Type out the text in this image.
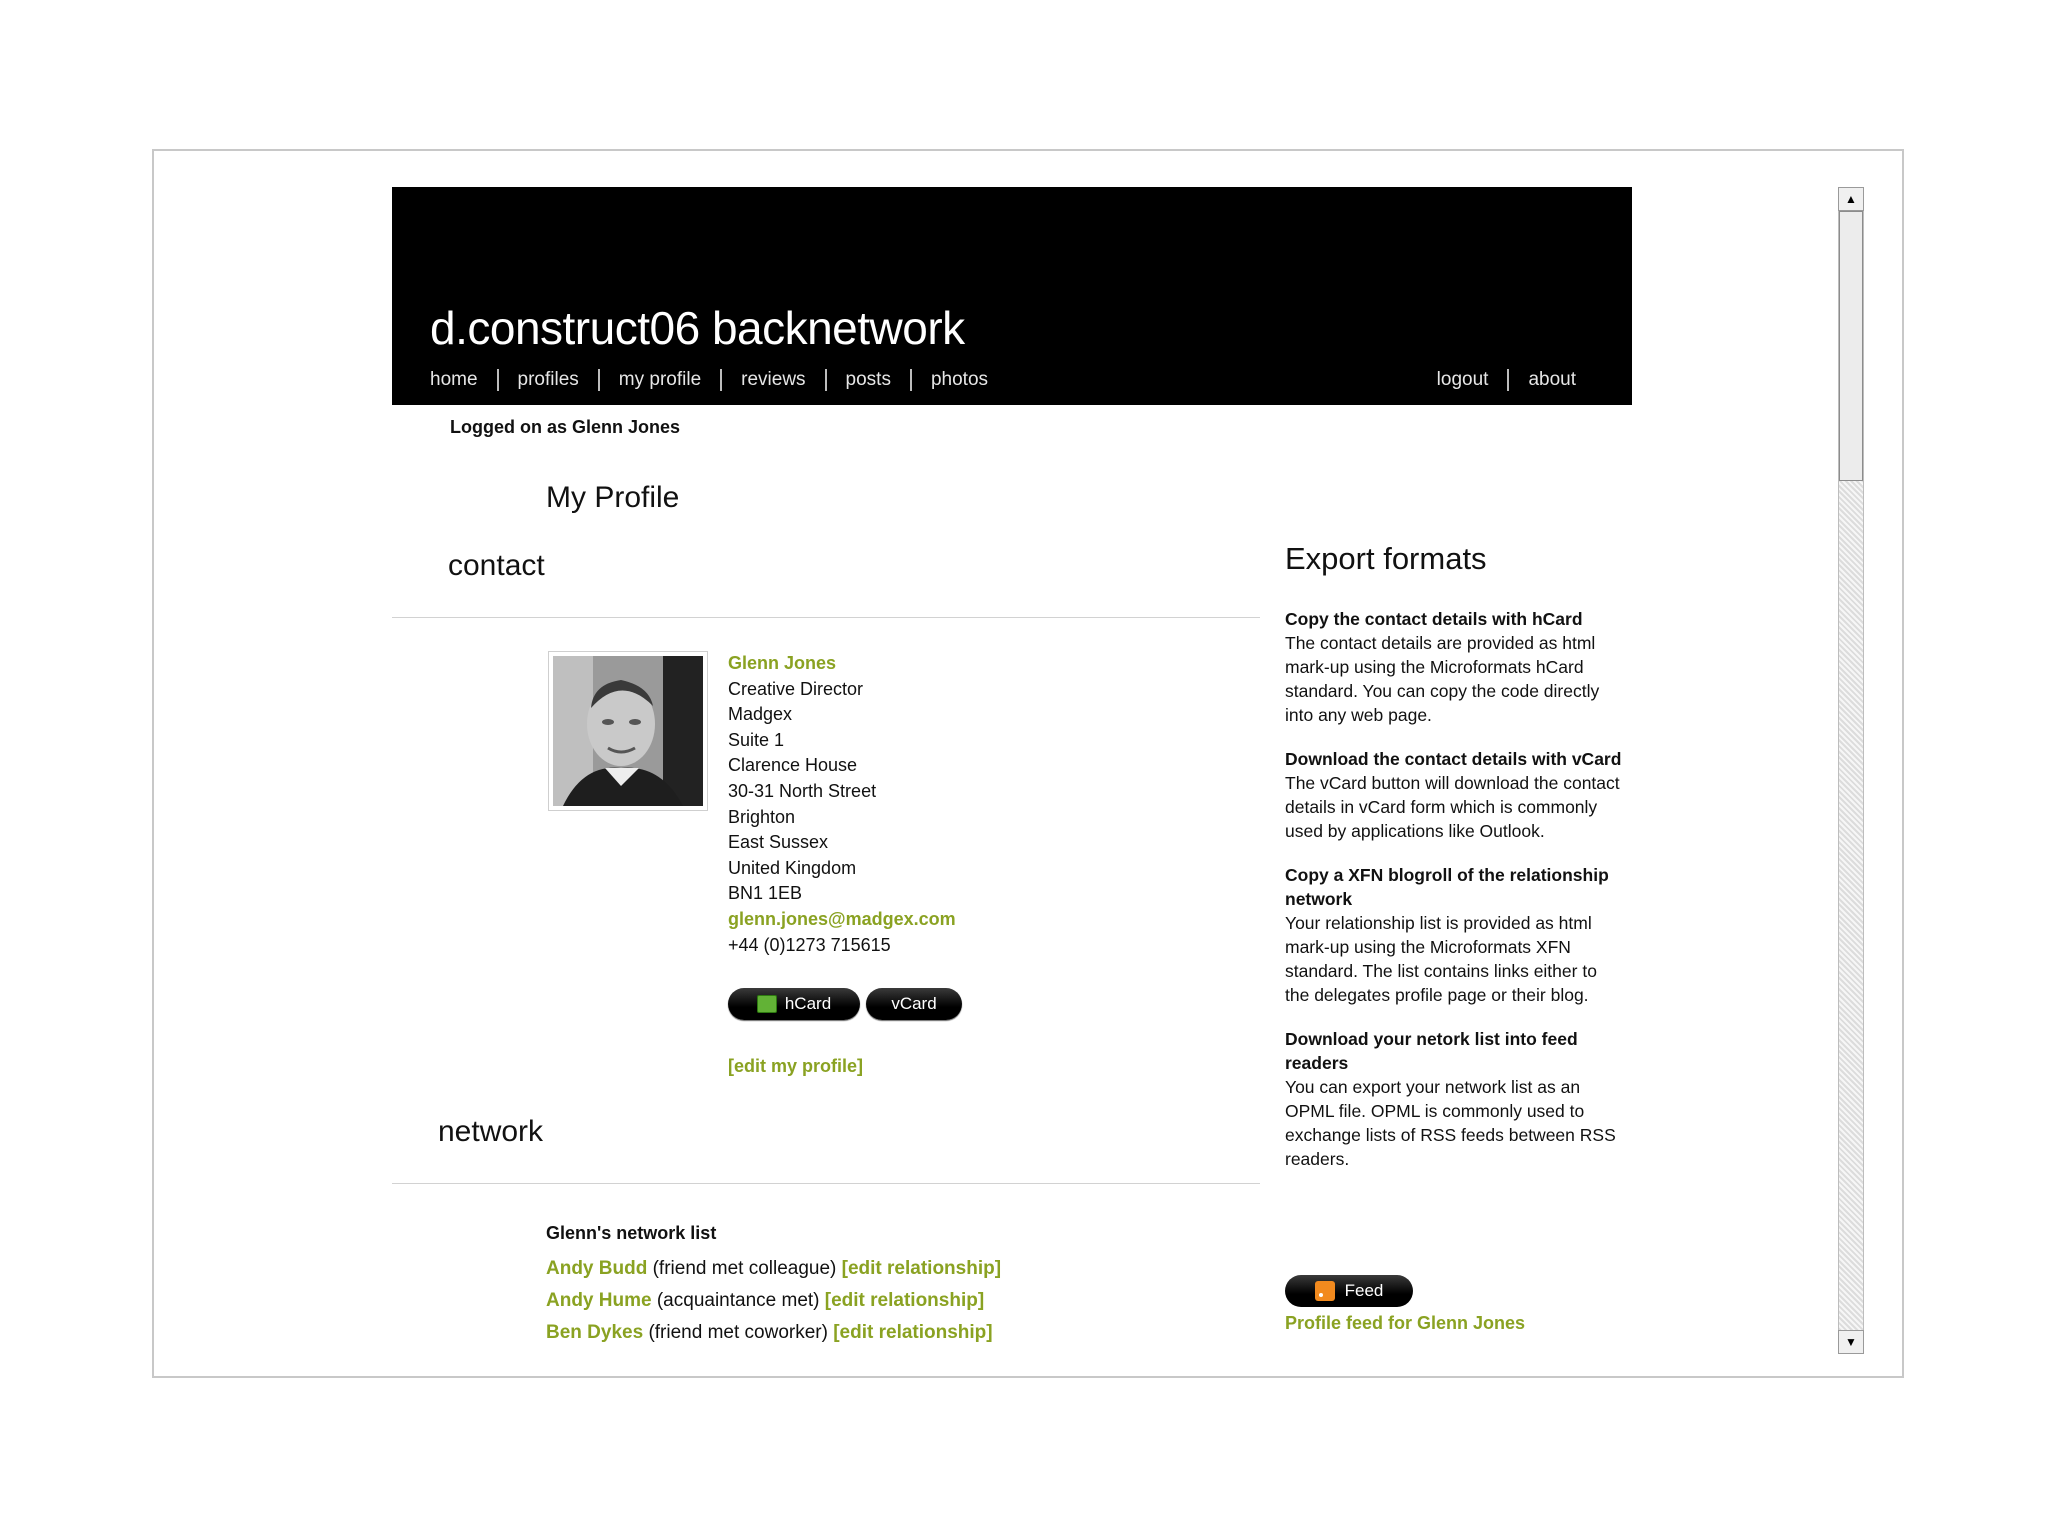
d.construct06 backnetwork
home profiles my profile reviews posts photos	logout about
Logged on as Glenn Jones
My Profile
contact
Glenn Jones
Creative Director
Madgex
Suite 1
Clarence House
30-31 North Street
Brighton
East Sussex
United Kingdom
BN1 1EB
glenn.jones@madgex.com
+44 (0)1273 715615
hCard	vCard
[edit my profile]
network
Glenn's network list
Andy Budd (friend met colleague) [edit relationship]
Andy Hume (acquaintance met) [edit relationship]
Ben Dykes (friend met coworker) [edit relationship]
Export formats
Copy the contact details with hCard
The contact details are provided as html mark-up using the Microformats hCard standard. You can copy the code directly into any web page.
Download the contact details with vCard
The vCard button will download the contact details in vCard form which is commonly used by applications like Outlook.
Copy a XFN blogroll of the relationship network
Your relationship list is provided as html mark-up using the Microformats XFN standard. The list contains links either to the delegates profile page or their blog.
Download your netork list into feed readers
You can export your network list as an OPML file. OPML is commonly used to exchange lists of RSS feeds between RSS readers.
Feed
Profile feed for Glenn Jones
▲
▼
